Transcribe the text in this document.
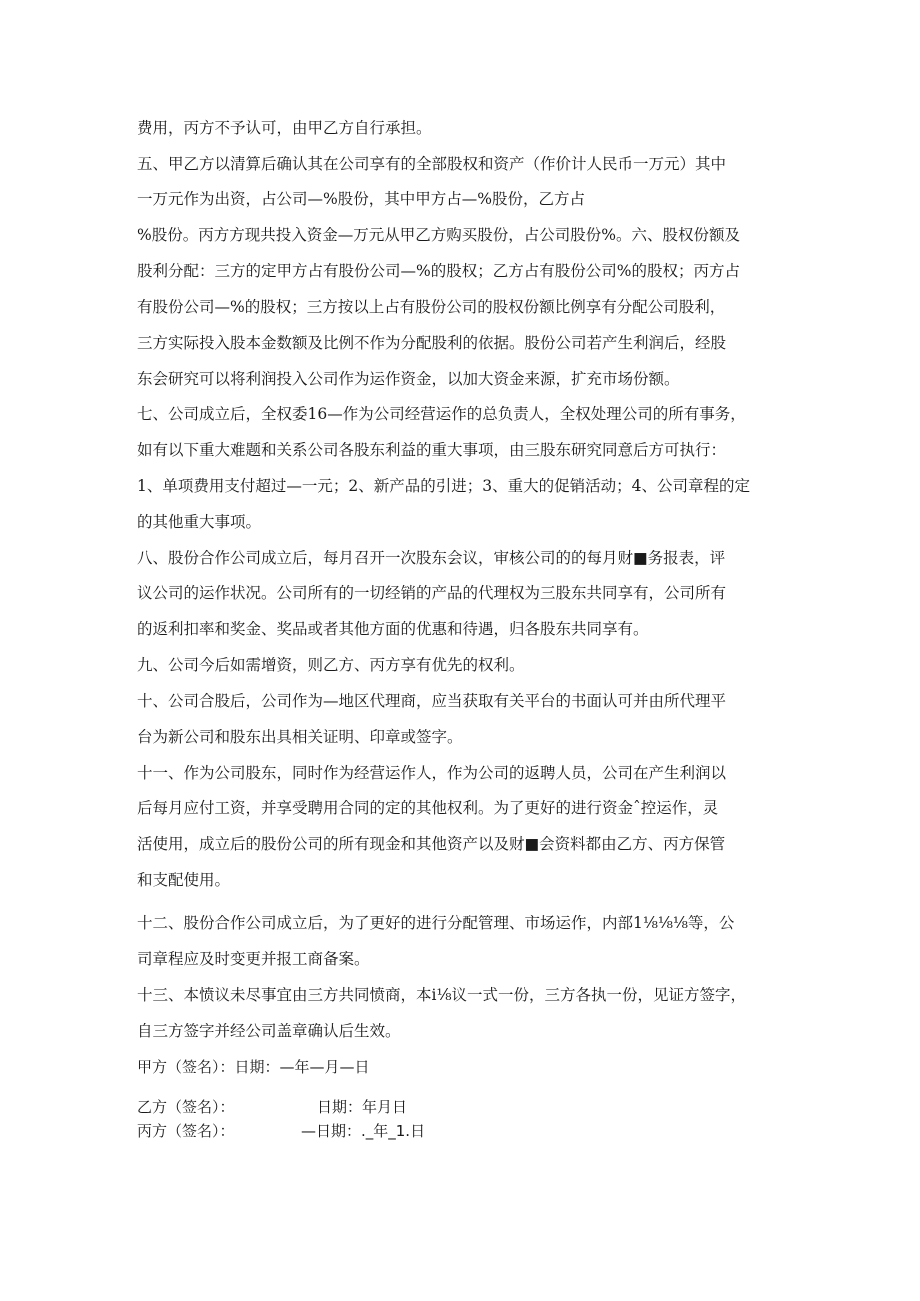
费用，丙方不予认可，由甲乙方自行承担。
五、甲乙方以清算后确认其在公司享有的全部股权和资产（作价计人民币一万元）其中
一万元作为出资，占公司—%股份，其中甲方占—%股份，乙方占
%股份。丙方方现共投入资金—万元从甲乙方购买股份，占公司股份%。六、股权份额及
股利分配：三方的定甲方占有股份公司—%的股权；乙方占有股份公司%的股权；丙方占
有股份公司—%的股权；三方按以上占有股份公司的股权份额比例享有分配公司股利，
三方实际投入股本金数额及比例不作为分配股利的依据。股份公司若产生利润后，经股
东会研究可以将利润投入公司作为运作资金，以加大资金来源，扩充市场份额。
七、公司成立后，全权委16—作为公司经营运作的总负责人，全权处理公司的所有事务，
如有以下重大难题和关系公司各股东利益的重大事项，由三股东研究同意后方可执行：
1、单项费用支付超过—一元；2、新产品的引进；3、重大的促销活动；4、公司章程的定
的其他重大事项。
八、股份合作公司成立后，每月召开一次股东会议，审核公司的的每月财■务报表，评
议公司的运作状况。公司所有的一切经销的产品的代理权为三股东共同享有，公司所有
的返利扣率和奖金、奖品或者其他方面的优惠和待遇，归各股东共同享有。
九、公司今后如需增资，则乙方、丙方享有优先的权利。
十、公司合股后，公司作为—地区代理商，应当获取有关平台的书面认可并由所代理平
台为新公司和股东出具相关证明、印章或签字。
十一、作为公司股东，同时作为经营运作人，作为公司的返聘人员，公司在产生利润以
后每月应付工资，并享受聘用合同的定的其他权利。为了更好的进行资金ˆ控运作，灵
活使用，成立后的股份公司的所有现金和其他资产以及财■会资料都由乙方、丙方保管
和支配使用。
十二、股份合作公司成立后，为了更好的进行分配管理、市场运作，内部1⅛⅛⅛等，公
司章程应及时变更并报工商备案。
十三、本愤议未尽事宜由三方共同愤商，本i⅛议一式一份，三方各执一份，见证方签字，
自三方签字并经公司盖章确认后生效。
甲方（签名）：日期：—年—月—日
乙方（签名）：	日期：年月日
丙方（签名）：	—日期：._年_1.日
